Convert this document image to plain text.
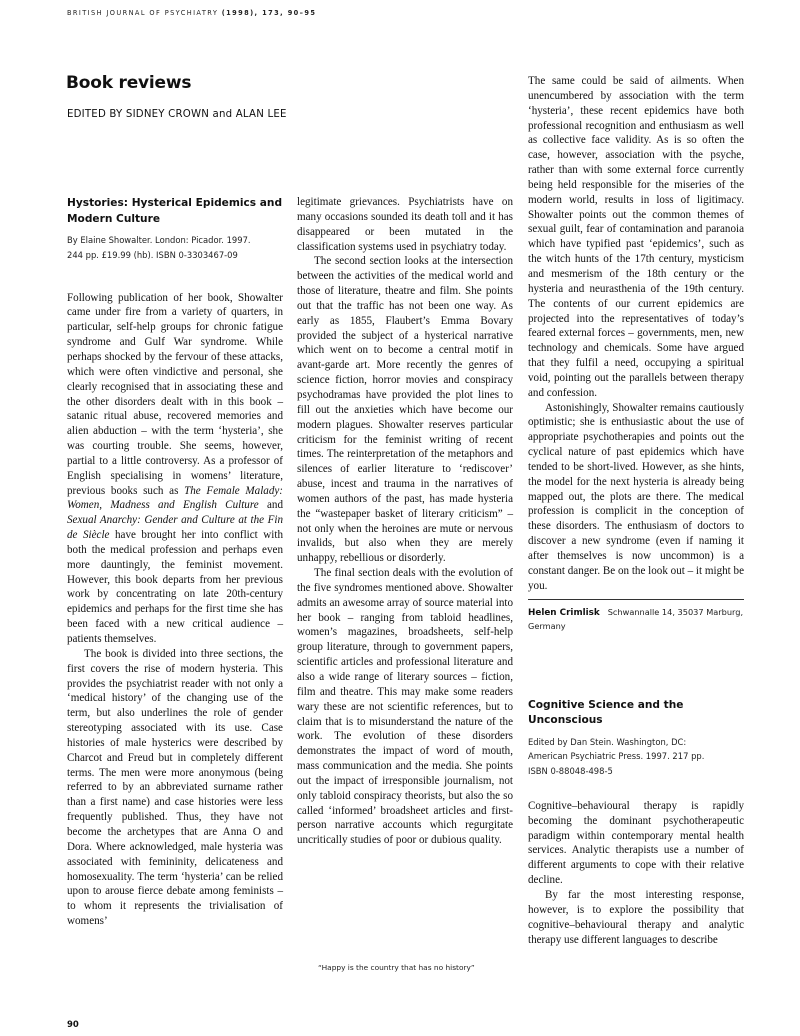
BRITISH JOURNAL OF PSYCHIATRY (1998), 173, 90–95
Book reviews
EDITED BY SIDNEY CROWN and ALAN LEE
Hystories: Hysterical Epidemics and Modern Culture
By Elaine Showalter. London: Picador. 1997.
244 pp. £19.99 (hb). ISBN 0-3303467-09

Following publication of her book, Showalter came under fire from a variety of quarters, in particular, self-help groups for chronic fatigue syndrome and Gulf War syndrome. While perhaps shocked by the fervour of these attacks, which were often vindictive and personal, she clearly recognised that in associating these and the other disorders dealt with in this book – satanic ritual abuse, recovered memories and alien abduction – with the term ‘hysteria’, she was courting trouble. She seems, however, partial to a little controversy. As a professor of English specialising in womens’ literature, previous books such as The Female Malady: Women, Madness and English Culture and Sexual Anarchy: Gender and Culture at the Fin de Siècle have brought her into conflict with both the medical profession and perhaps even more dauntingly, the feminist movement. However, this book departs from her previous work by concentrating on late 20th-century epidemics and perhaps for the first time she has been faced with a new critical audience – patients themselves.

The book is divided into three sections, the first covers the rise of modern hysteria. This provides the psychiatrist reader with not only a ‘medical history’ of the changing use of the term, but also underlines the role of gender stereotyping associated with its use. Case histories of male hysterics were described by Charcot and Freud but in completely different terms. The men were more anonymous (being referred to by an abbreviated surname rather than a first name) and case histories were less frequently published. Thus, they have not become the archetypes that are Anna O and Dora. Where acknowledged, male hysteria was associated with femininity, delicateness and homosexuality. The term ‘hysteria’ can be relied upon to arouse fierce debate among feminists – to whom it represents the trivialisation of womens’

legitimate grievances. Psychiatrists have on many occasions sounded its death toll and it has disappeared or been mutated in the classification systems used in psychiatry today.

The second section looks at the intersection between the activities of the medical world and those of literature, theatre and film. She points out that the traffic has not been one way. As early as 1855, Flaubert’s Emma Bovary provided the subject of a hysterical narrative which went on to become a central motif in avant-garde art. More recently the genres of science fiction, horror movies and conspiracy psychodramas have provided the plot lines to fill out the anxieties which have become our modern plagues. Showalter reserves particular criticism for the feminist writing of recent times. The reinterpretation of the metaphors and silences of earlier literature to ‘rediscover’ abuse, incest and trauma in the narratives of women authors of the past, has made hysteria the “wastepaper basket of literary criticism” – not only when the heroines are mute or nervous invalids, but also when they are merely unhappy, rebellious or disorderly.

The final section deals with the evolution of the five syndromes mentioned above. Showalter admits an awesome array of source material into her book – ranging from tabloid headlines, women’s magazines, broadsheets, self-help group literature, through to government papers, scientific articles and professional literature and also a wide range of literary sources – fiction, film and theatre. This may make some readers wary these are not scientific references, but to claim that is to misunderstand the nature of the work. The evolution of these disorders demonstrates the impact of word of mouth, mass communication and the media. She points out the impact of irresponsible journalism, not only tabloid conspiracy theorists, but also the so called ‘informed’ broadsheet articles and first-person narrative accounts which regurgitate uncritically studies of poor or dubious quality.

The same could be said of ailments. When unencumbered by association with the term ‘hysteria’, these recent epidemics have both professional recognition and enthusiasm as well as collective face validity. As is so often the case, however, association with the psyche, rather than with some external force currently being held responsible for the miseries of the modern world, results in loss of ligitimacy. Showalter points out the common themes of sexual guilt, fear of contamination and paranoia which have typified past ‘epidemics’, such as the witch hunts of the 17th century, mysticism and mesmerism of the 18th century or the hysteria and neurasthenia of the 19th century. The contents of our current epidemics are projected into the representatives of today’s feared external forces – governments, men, new technology and chemicals. Some have argued that they fulfil a need, occupying a spiritual void, pointing out the parallels between therapy and confession.

Astonishingly, Showalter remains cautiously optimistic; she is enthusiastic about the use of appropriate psychotherapies and points out the cyclical nature of past epidemics which have tended to be short-lived. However, as she hints, the model for the next hysteria is already being mapped out, the plots are there. The medical profession is complicit in the conception of these disorders. The enthusiasm of doctors to discover a new syndrome (even if naming it after themselves is now uncommon) is a constant danger. Be on the look out – it might be you.

Helen Crimlisk Schwannalle 14, 35037 Marburg, Germany
Cognitive Science and the Unconscious
Edited by Dan Stein. Washington, DC:
American Psychiatric Press. 1997. 217 pp.
ISBN 0-88048-498-5

Cognitive–behavioural therapy is rapidly becoming the dominant psychotherapeutic paradigm within contemporary mental health services. Analytic therapists use a number of different arguments to cope with their relative decline.

By far the most interesting response, however, is to explore the possibility that cognitive–behavioural therapy and analytic therapy use different languages to describe

“Happy is the country that has no history”
90
